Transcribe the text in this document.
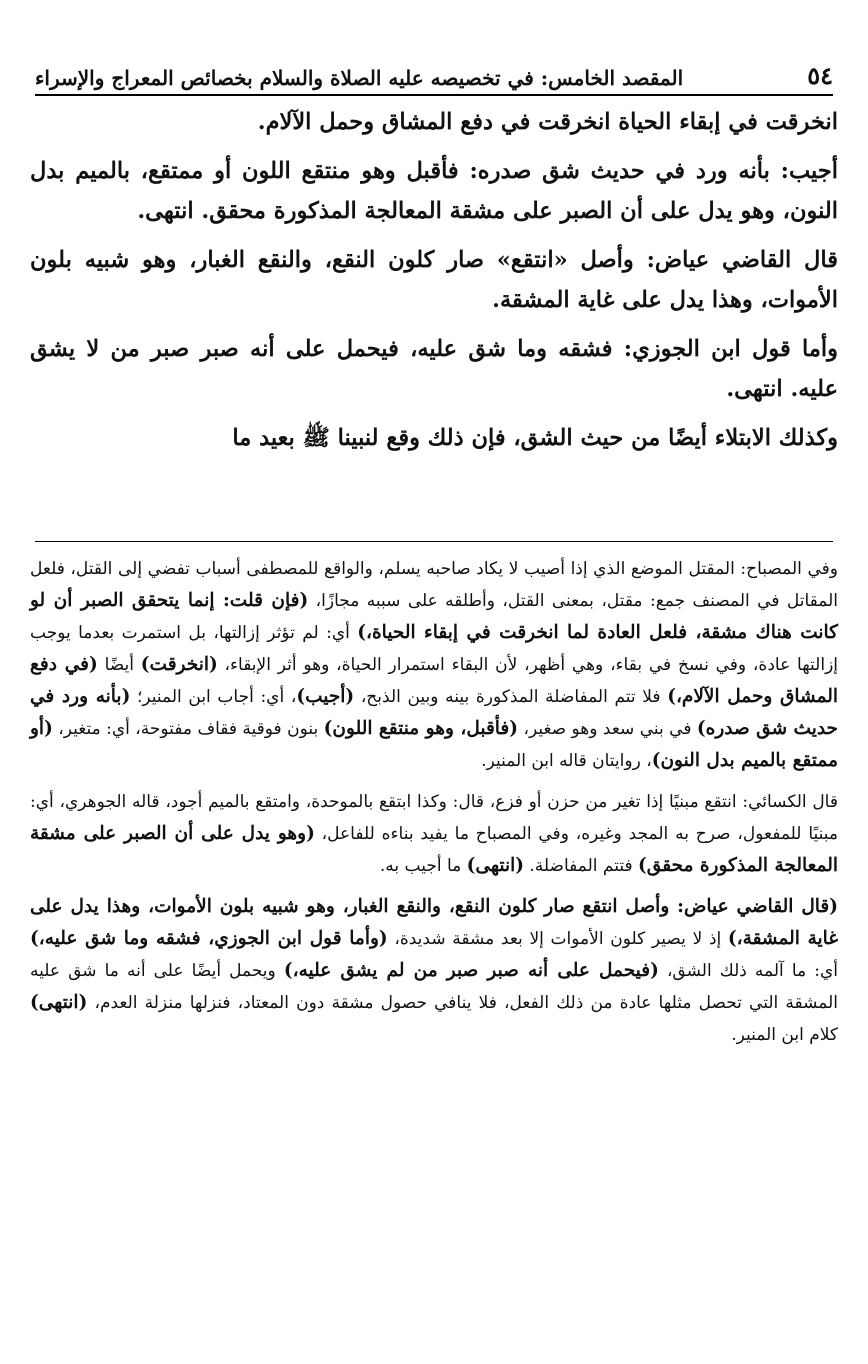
٥٤
المقصد الخامس: في تخصيصه عليه الصلاة والسلام بخصائص المعراج والإسراء

انخرقت في إبقاء الحياة انخرقت في دفع المشاق وحمل الآلام.

أجيب: بأنه ورد في حديث شق صدره: فأقبل وهو منتقع اللون أو ممتقع، بالميم بدل النون، وهو يدل على أن الصبر على مشقة المعالجة المذكورة محقق. انتهى.

قال القاضي عياض: وأصل «انتقع» صار كلون النقع، والنقع الغبار، وهو شبيه بلون الأموات، وهذا يدل على غاية المشقة.

وأما قول ابن الجوزي: فشقه وما شق عليه، فيحمل على أنه صبر صبر من لا يشق عليه. انتهى.

وكذلك الابتلاء أيضًا من حيث الشق، فإن ذلك وقع لنبينا ﷺ بعيد ما

وفي المصباح: المقتل الموضع الذي إذا أصيب لا يكاد صاحبه يسلم، والواقع للمصطفى أسباب تفضي إلى القتل، فلعل المقاتل في المصنف جمع: مقتل، بمعنى القتل، وأطلقه على سببه مجازًا، (فإن قلت: إنما يتحقق الصبر أن لو كانت هناك مشقة، فلعل العادة لما انخرقت في إبقاء الحياة،) أي: لم تؤثر إزالتها، بل استمرت بعدما يوجب إزالتها عادة، وفي نسخ في بقاء، وهي أظهر، لأن البقاء استمرار الحياة، وهو أثر الإبقاء، (انخرقت) أيضًا (في دفع المشاق وحمل الآلام،) فلا تتم المفاضلة المذكورة بينه وبين الذبح، (أجيب)، أي: أجاب ابن المنير؛ (بأنه ورد في حديث شق صدره) في بني سعد وهو صغير، (فأقبل، وهو منتقع اللون) بنون فوقية فقاف مفتوحة، أي: متغير، (أو ممتقع بالميم بدل النون)، روايتان قاله ابن المنير.

قال الكسائي: انتقع مبنيًا إذا تغير من حزن أو فزع، قال: وكذا ابتقع بالموحدة، وامتقع بالميم أجود، قاله الجوهري، أي: مبنيًا للمفعول، صرح به المجد وغيره، وفي المصباح ما يفيد بناءه للفاعل، (وهو يدل على أن الصبر على مشقة المعالجة المذكورة محقق) فتتم المفاضلة. (انتهى) ما أجيب به.

(قال القاضي عياض: وأصل انتقع صار كلون النقع، والنقع الغبار، وهو شبيه بلون الأموات، وهذا يدل على غاية المشقة،) إذ لا يصير كلون الأموات إلا بعد مشقة شديدة، (وأما قول ابن الجوزي، فشقه وما شق عليه،) أي: ما آلمه ذلك الشق، (فيحمل على أنه صبر صبر من لم يشق عليه،) ويحمل أيضًا على أنه ما شق عليه المشقة التي تحصل مثلها عادة من ذلك الفعل، فلا ينافي حصول مشقة دون المعتاد، فنزلها منزلة العدم، (انتهى) كلام ابن المنير.
